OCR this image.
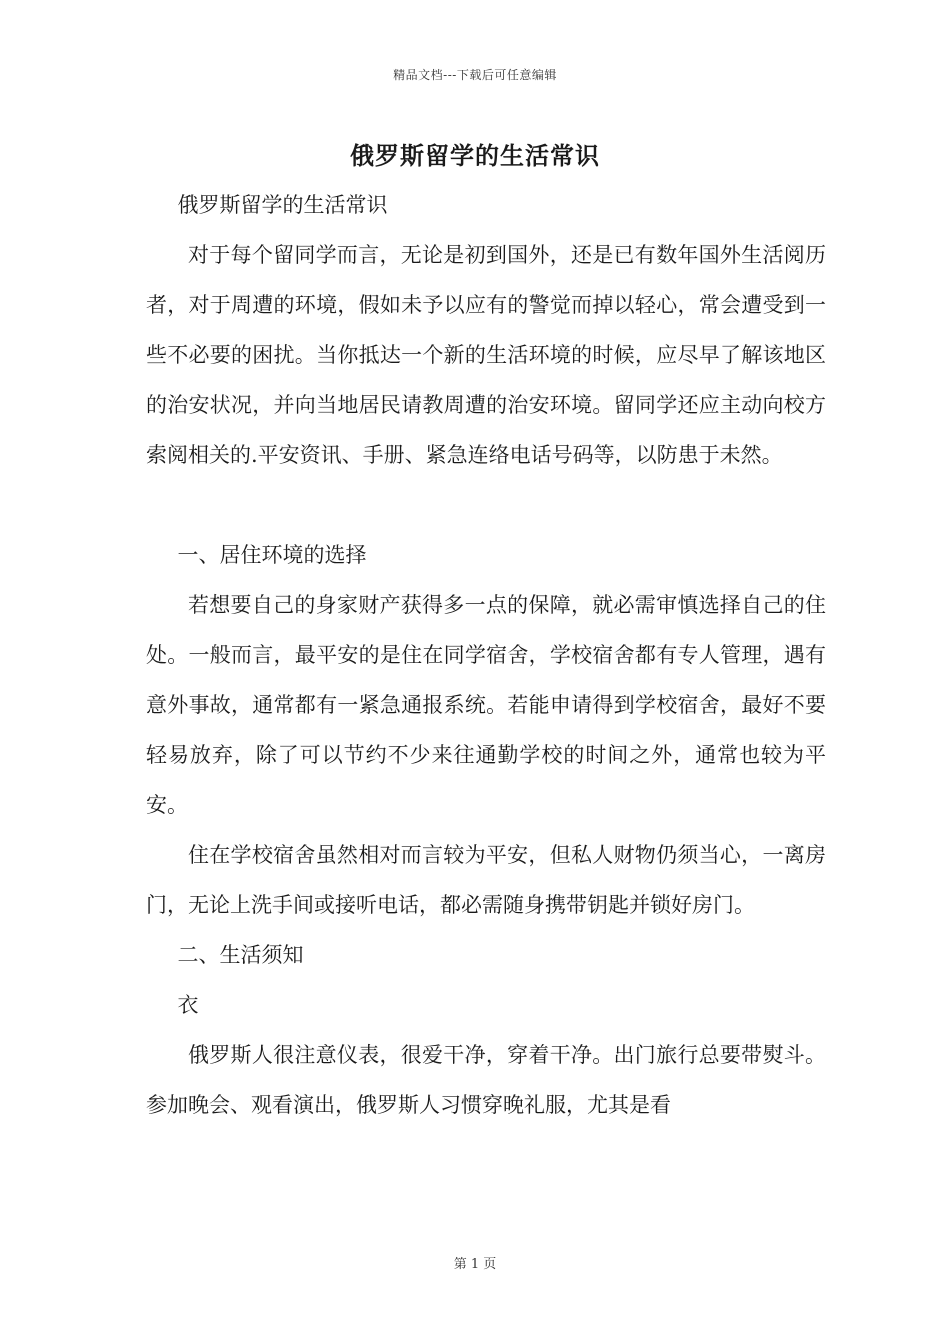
精品文档---下载后可任意编辑
俄罗斯留学的生活常识

俄罗斯留学的生活常识

对于每个留同学而言，无论是初到国外，还是已有数年国外生活阅历者，对于周遭的环境，假如未予以应有的警觉而掉以轻心，常会遭受到一些不必要的困扰。当你抵达一个新的生活环境的时候，应尽早了解该地区的治安状况，并向当地居民请教周遭的治安环境。留同学还应主动向校方索阅相关的.平安资讯、手册、紧急连络电话号码等，以防患于未然。

一、居住环境的选择

若想要自己的身家财产获得多一点的保障，就必需审慎选择自己的住处。一般而言，最平安的是住在同学宿舍，学校宿舍都有专人管理，遇有意外事故，通常都有一紧急通报系统。若能申请得到学校宿舍，最好不要轻易放弃，除了可以节约不少来往通勤学校的时间之外，通常也较为平安。

住在学校宿舍虽然相对而言较为平安，但私人财物仍须当心，一离房门，无论上洗手间或接听电话，都必需随身携带钥匙并锁好房门。

二、生活须知

衣

俄罗斯人很注意仪表，很爱干净，穿着干净。出门旅行总要带熨斗。参加晚会、观看演出，俄罗斯人习惯穿晚礼服，尤其是看

第 1 页
